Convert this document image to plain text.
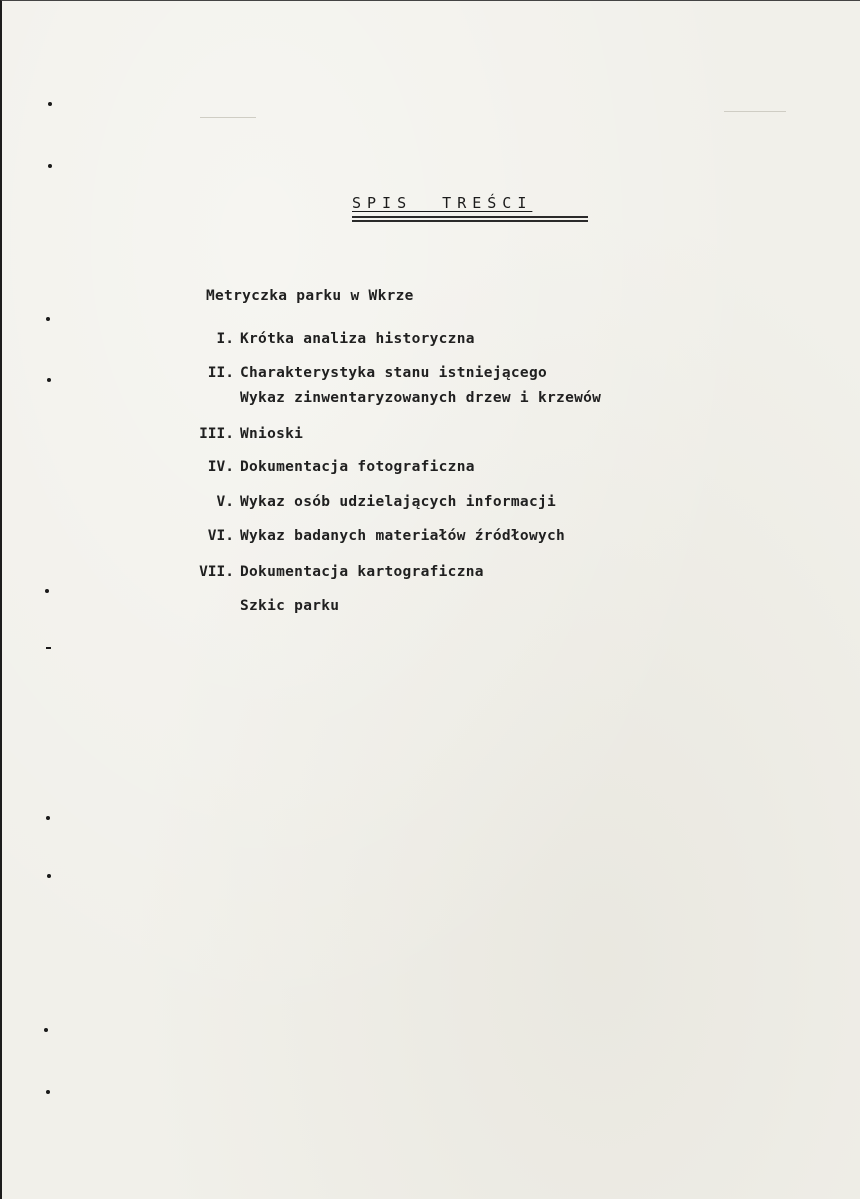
SPIS  TREŚCI
Metryczka parku w Wkrze
I. Krótka analiza historyczna
II. Charakterystyka stanu istniejącego
Wykaz zinwentaryzowanych drzew i krzewów
III. Wnioski
IV. Dokumentacja fotograficzna
V. Wykaz osób udzielających informacji
VI. Wykaz badanych materiałów źródłowych
VII. Dokumentacja kartograficzna
Szkic parku
